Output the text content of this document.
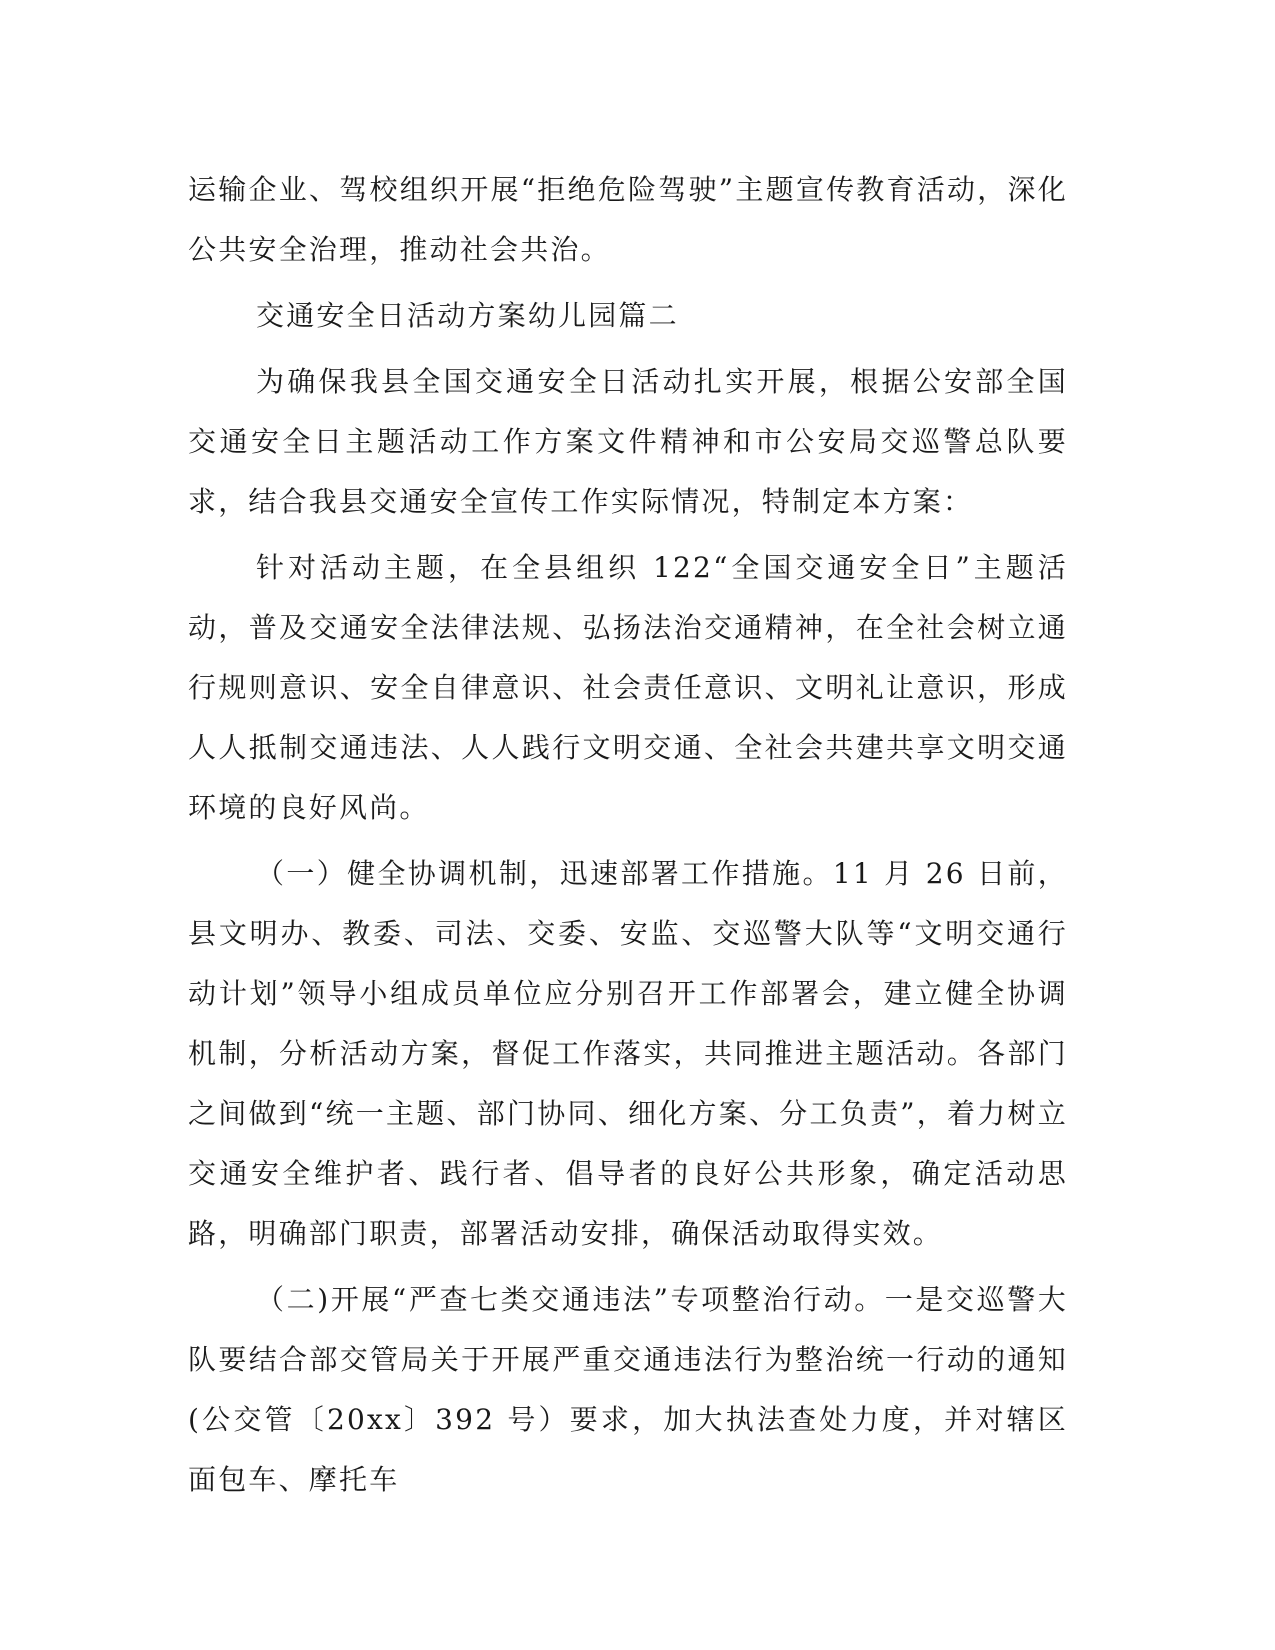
运输企业、驾校组织开展“拒绝危险驾驶”主题宣传教育活动，深化公共安全治理，推动社会共治。

交通安全日活动方案幼儿园篇二

为确保我县全国交通安全日活动扎实开展，根据公安部全国交通安全日主题活动工作方案文件精神和市公安局交巡警总队要求，结合我县交通安全宣传工作实际情况，特制定本方案：

针对活动主题，在全县组织 122“全国交通安全日”主题活动，普及交通安全法律法规、弘扬法治交通精神，在全社会树立通行规则意识、安全自律意识、社会责任意识、文明礼让意识，形成人人抵制交通违法、人人践行文明交通、全社会共建共享文明交通环境的良好风尚。

（一）健全协调机制，迅速部署工作措施。11 月 26 日前，县文明办、教委、司法、交委、安监、交巡警大队等“文明交通行动计划”领导小组成员单位应分别召开工作部署会，建立健全协调机制，分析活动方案，督促工作落实，共同推进主题活动。各部门之间做到“统一主题、部门协同、细化方案、分工负责”，着力树立交通安全维护者、践行者、倡导者的良好公共形象，确定活动思路，明确部门职责，部署活动安排，确保活动取得实效。

（二)开展“严查七类交通违法”专项整治行动。一是交巡警大队要结合部交管局关于开展严重交通违法行为整治统一行动的通知(公交管〔20xx〕392 号）要求，加大执法查处力度，并对辖区面包车、摩托车
